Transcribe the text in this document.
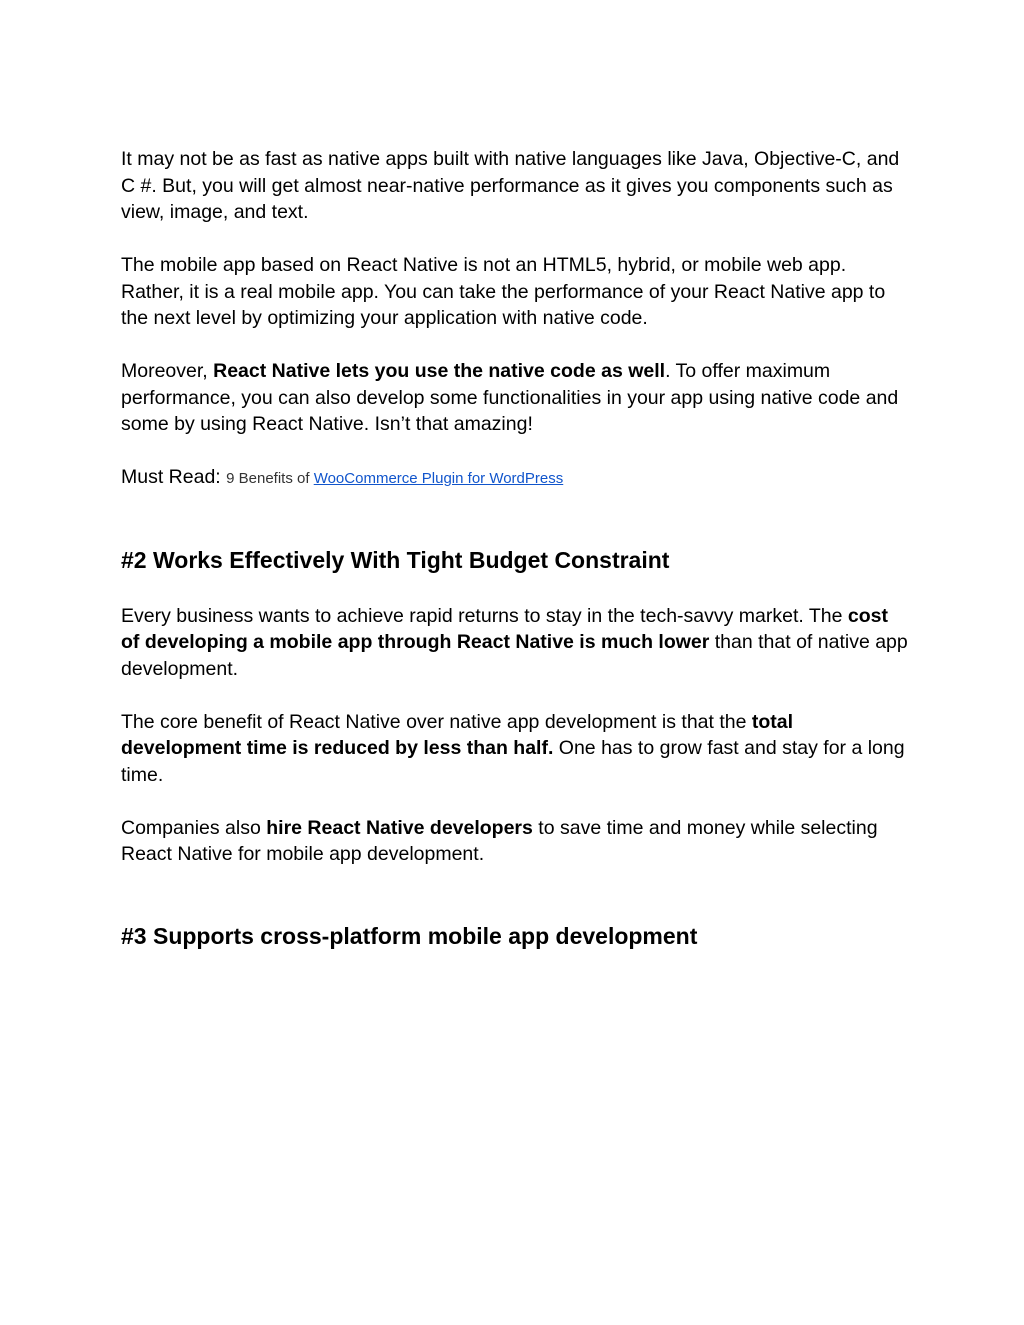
It may not be as fast as native apps built with native languages like Java, Objective-C, and C #. But, you will get almost near-native performance as it gives you components such as view, image, and text.

The mobile app based on React Native is not an HTML5, hybrid, or mobile web app. Rather, it is a real mobile app. You can take the performance of your React Native app to the next level by optimizing your application with native code.

Moreover, React Native lets you use the native code as well. To offer maximum performance, you can also develop some functionalities in your app using native code and some by using React Native. Isn’t that amazing!

Must Read: 9 Benefits of WooCommerce Plugin for WordPress

#2 Works Effectively With Tight Budget Constraint

Every business wants to achieve rapid returns to stay in the tech-savvy market. The cost of developing a mobile app through React Native is much lower than that of native app development.

The core benefit of React Native over native app development is that the total development time is reduced by less than half. One has to grow fast and stay for a long time.

Companies also hire React Native developers to save time and money while selecting React Native for mobile app development.

#3 Supports cross-platform mobile app development
